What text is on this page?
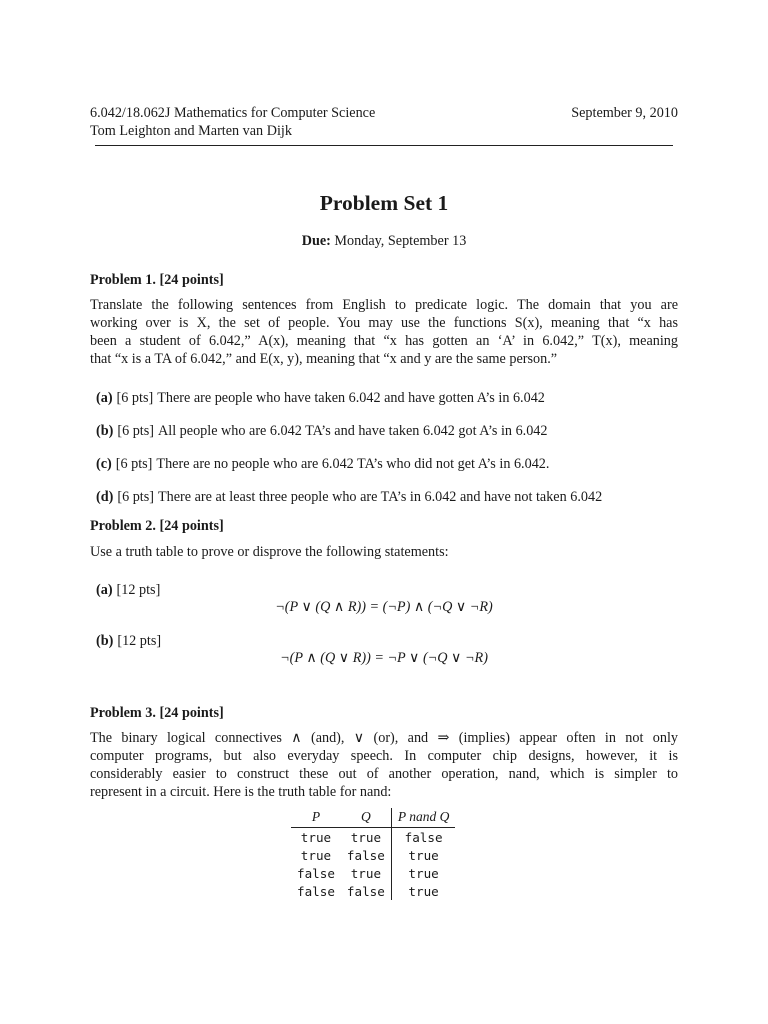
6.042/18.062J Mathematics for Computer Science	September 9, 2010
Tom Leighton and Marten van Dijk
Problem Set 1
Due: Monday, September 13
Problem 1. [24 points]
Translate the following sentences from English to predicate logic. The domain that you are
working over is X, the set of people. You may use the functions S(x), meaning that “x has
been a student of 6.042,” A(x), meaning that “x has gotten an ‘A’ in 6.042,” T(x), meaning
that “x is a TA of 6.042,” and E(x, y), meaning that “x and y are the same person.”
(a) [6 pts] There are people who have taken 6.042 and have gotten A’s in 6.042
(b) [6 pts] All people who are 6.042 TA’s and have taken 6.042 got A’s in 6.042
(c) [6 pts] There are no people who are 6.042 TA’s who did not get A’s in 6.042.
(d) [6 pts] There are at least three people who are TA’s in 6.042 and have not taken 6.042
Problem 2. [24 points]
Use a truth table to prove or disprove the following statements:
(a) [12 pts]
¬(P ∨ (Q ∧ R)) = (¬P) ∧ (¬Q ∨ ¬R)
(b) [12 pts]
¬(P ∧ (Q ∨ R)) = ¬P ∨ (¬Q ∨ ¬R)
Problem 3. [24 points]
The binary logical connectives ∧ (and), ∨ (or), and ⇒ (implies) appear often in not only
computer programs, but also everyday speech. In computer chip designs, however, it is
considerably easier to construct these out of another operation, nand, which is simpler to
represent in a circuit. Here is the truth table for nand:
P	Q	P nand Q
true	true	false
true	false	true
false	true	true
false	false	true
